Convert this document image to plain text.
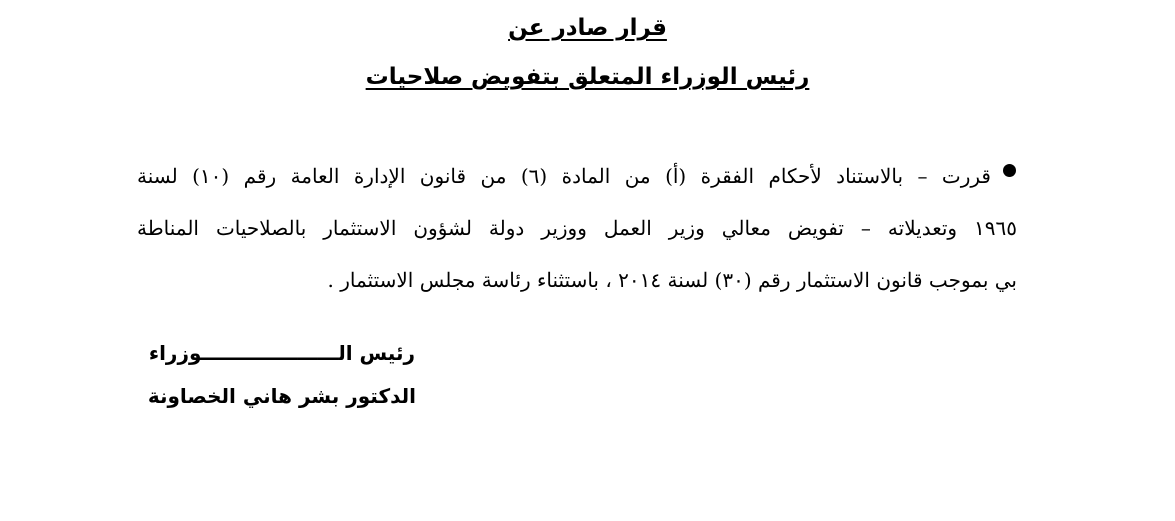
قرار صادر عن
رئيس الوزراء المتعلق بتفويض صلاحيات
قررت – بالاستناد لأحكام الفقرة (أ) من المادة (٦) من قانون الإدارة العامة رقم (١٠) لسنة
١٩٦٥ وتعديلاته – تفويض معالي وزير العمل ووزير دولة لشؤون الاستثمار بالصلاحيات المناطة
بي بموجب قانون الاستثمار رقم (٣٠) لسنة ٢٠١٤ ، باستثناء رئاسة مجلس الاستثمار .
رئيس الــــــــــــــــــــوزراء
الدكتور بشر هاني الخصاونة
